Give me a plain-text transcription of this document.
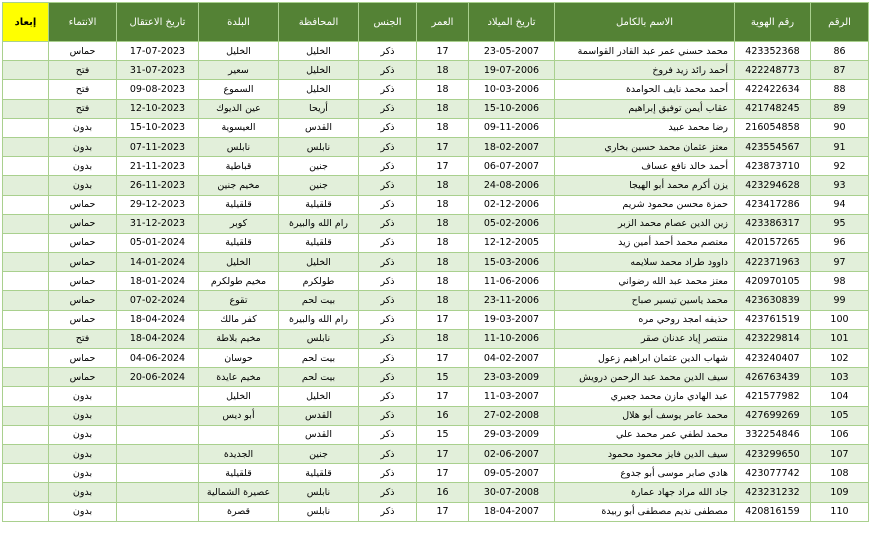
الرقم	رقم الهوية	الاسم بالكامل	تاريخ الميلاد	العمر	الجنس	المحافظة	البلدة	تاريخ الاعتقال	الانتماء	إبعاد
86	423352368	محمد حسني عمر عبد القادر القواسمة	23-05-2007	17	ذكر	الخليل	الخليل	17-07-2023	حماس	
87	422248773	أحمد رائد زيد فروخ	19-07-2006	18	ذكر	الخليل	سعير	31-07-2023	فتح	
88	422422634	أحمد محمد نايف الحوامدة	10-03-2006	18	ذكر	الخليل	السموع	09-08-2023	فتح	
89	421748245	عقاب أيمن توفيق إبراهيم	15-10-2006	18	ذكر	أريحا	عين الديوك	12-10-2023	فتح	
90	216054858	رضا محمد عبيد	09-11-2006	18	ذكر	القدس	العيسوية	15-10-2023	بدون	
91	423554567	معتز عثمان محمد حسين بخاري	18-02-2007	17	ذكر	نابلس	نابلس	07-11-2023	بدون	
92	423873710	أحمد خالد نافع عساف	06-07-2007	17	ذكر	جنين	قباطية	21-11-2023	بدون	
93	423294628	يزن أكرم محمد أبو الهيجا	24-08-2006	18	ذكر	جنين	مخيم جنين	26-11-2023	بدون	
94	423417286	حمزة محسن محمود شريم	02-12-2006	18	ذكر	قلقيلية	قلقيلية	29-12-2023	حماس	
95	423386317	زين الدين عصام محمد الزبر	05-02-2006	18	ذكر	رام الله والبيرة	كوبر	31-12-2023	حماس	
96	420157265	معتصم محمد أحمد أمين زيد	12-12-2005	18	ذكر	قلقيلية	قلقيلية	05-01-2024	حماس	
97	422371963	داوود طراد محمد سلايمه	15-03-2006	18	ذكر	الخليل	الخليل	14-01-2024	حماس	
98	420970105	معتز محمد عبد الله رضواني	11-06-2006	18	ذكر	طولكرم	مخيم طولكرم	18-01-2024	حماس	
99	423630839	محمد ياسين تيسير صباح	23-11-2006	18	ذكر	بيت لحم	تقوع	07-02-2024	حماس	
100	423761519	حذيفه امجد روحي مره	19-03-2007	17	ذكر	رام الله والبيرة	كفر مالك	18-04-2024	حماس	
101	423229814	منتصر إياد عدنان صقر	11-10-2006	18	ذكر	نابلس	مخيم بلاطة	18-04-2024	فتح	
102	423240407	شهاب الدين عثمان ابراهيم زعول	04-02-2007	17	ذكر	بيت لحم	حوسان	04-06-2024	حماس	
103	426763439	سيف الدين محمد عبد الرحمن درويش	23-03-2009	15	ذكر	بيت لحم	مخيم عايدة	20-06-2024	حماس	
104	421577982	عبد الهادي مازن محمد جعبري	11-03-2007	17	ذكر	الخليل	الخليل		بدون	
105	427699269	محمد عامر يوسف أبو هلال	27-02-2008	16	ذكر	القدس	أبو ديس		بدون	
106	332254846	محمد لطفي عمر محمد علي	29-03-2009	15	ذكر	القدس			بدون	
107	423299650	سيف الدين فايز محمود محمود	02-06-2007	17	ذكر	جنين	الجديدة		بدون	
108	423077742	هادي صابر موسى أبو جدوع	09-05-2007	17	ذكر	قلقيلية	قلقيلية		بدون	
109	423231232	جاد الله مراد جهاد عمارة	30-07-2008	16	ذكر	نابلس	عصيرة الشمالية		بدون	
110	420816159	مصطفى نديم مصطفى أبو ربيدة	18-04-2007	17	ذكر	نابلس	قصرة		بدون	
